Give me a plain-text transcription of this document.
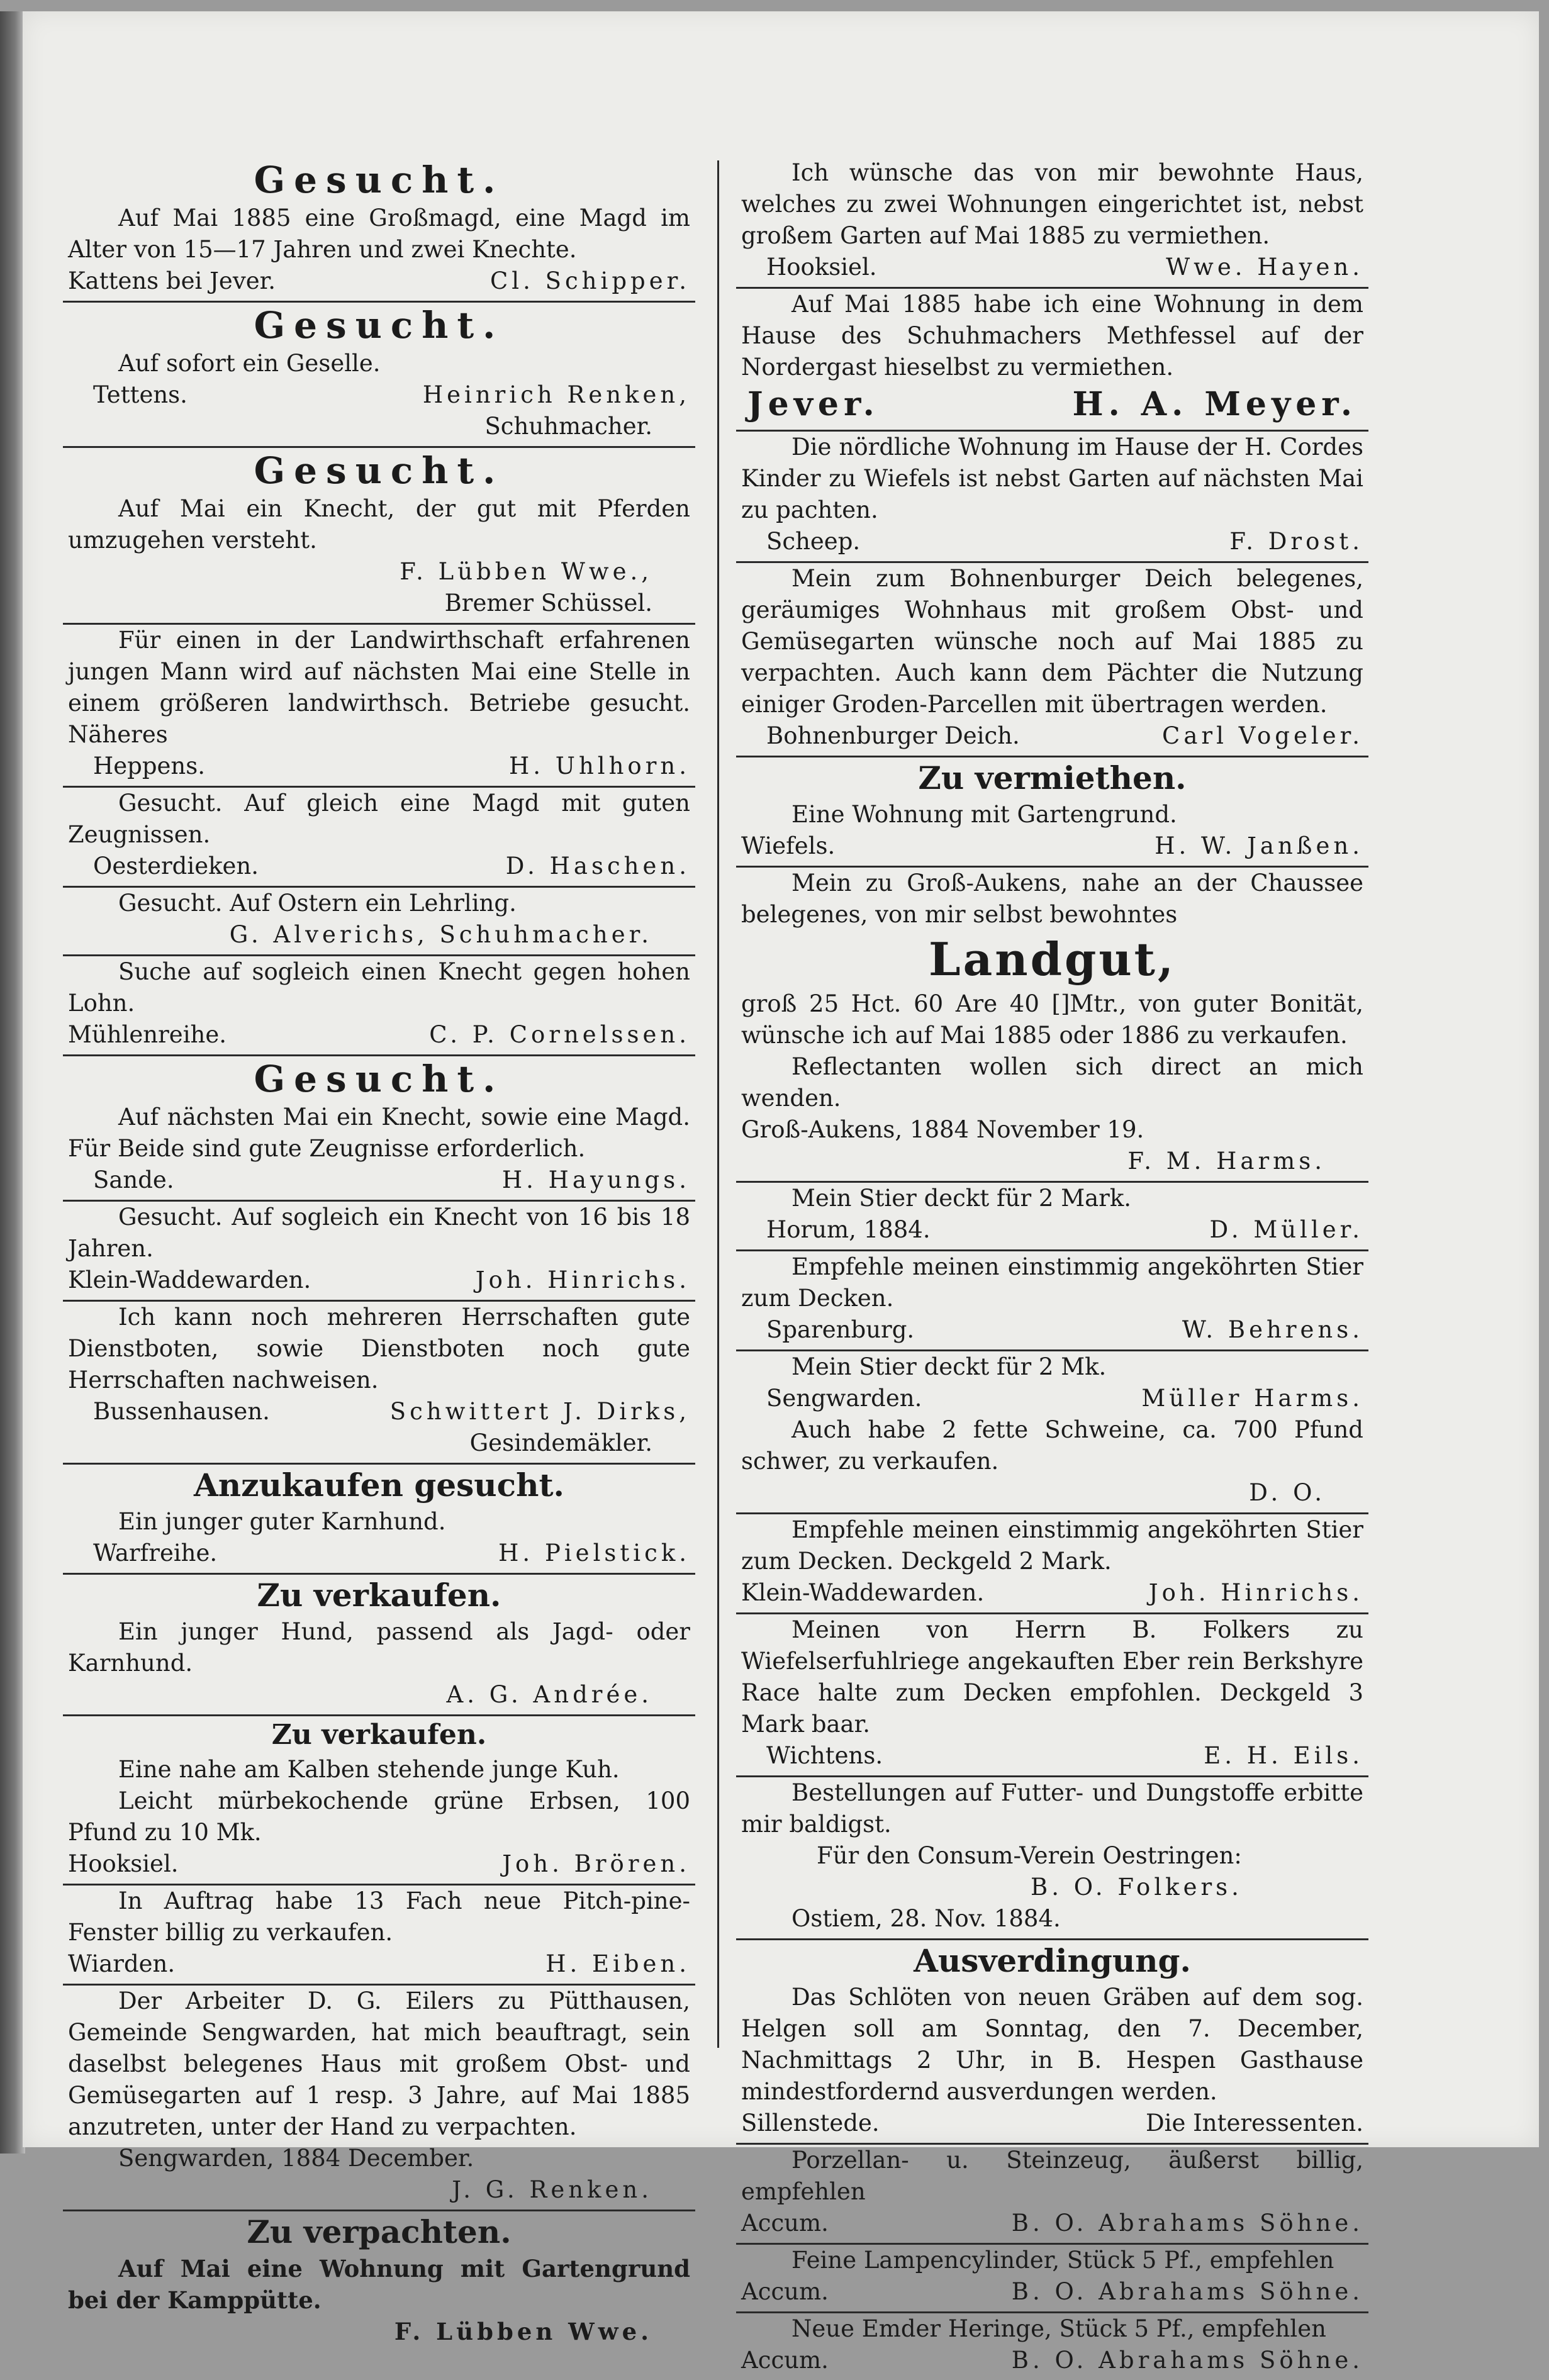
Gesucht.
Auf Mai 1885 eine Großmagd, eine Magd im Alter von 15—17 Jahren und zwei Knechte.
Kattens bei Jever.	Cl. Schipper.
Gesucht.
Auf sofort ein Geselle.
Tettens.	Heinrich Renken,
Schuhmacher.
Gesucht.
Auf Mai ein Knecht, der gut mit Pferden umzugehen versteht.
F. Lübben Wwe.,
Bremer Schüssel.
Für einen in der Landwirthschaft erfahrenen jungen Mann wird auf nächsten Mai eine Stelle in einem größeren landwirthsch. Betriebe gesucht. Näheres
Heppens.	H. Uhlhorn.
Gesucht. Auf gleich eine Magd mit guten Zeugnissen.
Oesterdieken.	D. Haschen.
Gesucht. Auf Ostern ein Lehrling.
G. Alverichs, Schuhmacher.
Suche auf sogleich einen Knecht gegen hohen Lohn.
Mühlenreihe.	C. P. Cornelssen.
Gesucht.
Auf nächsten Mai ein Knecht, sowie eine Magd. Für Beide sind gute Zeugnisse erforderlich.
Sande.	H. Hayungs.
Gesucht. Auf sogleich ein Knecht von 16 bis 18 Jahren.
Klein-Waddewarden.	Joh. Hinrichs.
Ich kann noch mehreren Herrschaften gute Dienstboten, sowie Dienstboten noch gute Herrschaften nachweisen.
Bussenhausen.	Schwittert J. Dirks,
Gesindemäkler.
Anzukaufen gesucht.
Ein junger guter Karnhund.
Warfreihe.	H. Pielstick.
Zu verkaufen.
Ein junger Hund, passend als Jagd- oder Karnhund.
A. G. Andrée.
Zu verkaufen.
Eine nahe am Kalben stehende junge Kuh.
Leicht mürbekochende grüne Erbsen, 100 Pfund zu 10 Mk.
Hooksiel.	Joh. Brören.
In Auftrag habe 13 Fach neue Pitch-pine-Fenster billig zu verkaufen.
Wiarden.	H. Eiben.
Der Arbeiter D. G. Eilers zu Pütthausen, Gemeinde Sengwarden, hat mich beauftragt, sein daselbst belegenes Haus mit großem Obst- und Gemüsegarten auf 1 resp. 3 Jahre, auf Mai 1885 anzutreten, unter der Hand zu verpachten.
Sengwarden, 1884 December.
J. G. Renken.
Zu verpachten.
Auf Mai eine Wohnung mit Gartengrund bei der Kamppütte.
F. Lübben Wwe.
Ich wünsche das von mir bewohnte Haus, welches zu zwei Wohnungen eingerichtet ist, nebst großem Garten auf Mai 1885 zu vermiethen.
Hooksiel.	Wwe. Hayen.
Auf Mai 1885 habe ich eine Wohnung in dem Hause des Schuhmachers Methfessel auf der Nordergast hieselbst zu vermiethen.
Jever.	H. A. Meyer.
Die nördliche Wohnung im Hause der H. Cordes Kinder zu Wiefels ist nebst Garten auf nächsten Mai zu pachten.
Scheep.	F. Drost.
Mein zum Bohnenburger Deich belegenes, geräumiges Wohnhaus mit großem Obst- und Gemüsegarten wünsche noch auf Mai 1885 zu verpachten. Auch kann dem Pächter die Nutzung einiger Groden-Parcellen mit übertragen werden.
Bohnenburger Deich.	Carl Vogeler.
Zu vermiethen.
Eine Wohnung mit Gartengrund.
Wiefels.	H. W. Janßen.
Mein zu Groß-Aukens, nahe an der Chaussee belegenes, von mir selbst bewohntes
Landgut,
groß 25 Hct. 60 Are 40 []Mtr., von guter Bonität, wünsche ich auf Mai 1885 oder 1886 zu verkaufen.
Reflectanten wollen sich direct an mich wenden.
Groß-Aukens, 1884 November 19.
F. M. Harms.
Mein Stier deckt für 2 Mark.
Horum, 1884.	D. Müller.
Empfehle meinen einstimmig angeköhrten Stier zum Decken.
Sparenburg.	W. Behrens.
Mein Stier deckt für 2 Mk.
Sengwarden.	Müller Harms.
Auch habe 2 fette Schweine, ca. 700 Pfund schwer, zu verkaufen.
D. O.
Empfehle meinen einstimmig angeköhrten Stier zum Decken. Deckgeld 2 Mark.
Klein-Waddewarden.	Joh. Hinrichs.
Meinen von Herrn B. Folkers zu Wiefelserfuhlriege angekauften Eber rein Berkshyre Race halte zum Decken empfohlen. Deckgeld 3 Mark baar.
Wichtens.	E. H. Eils.
Bestellungen auf Futter- und Dungstoffe erbitte mir baldigst.
Für den Consum-Verein Oestringen:
B. O. Folkers.
Ostiem, 28. Nov. 1884.
Ausverdingung.
Das Schlöten von neuen Gräben auf dem sog. Helgen soll am Sonntag, den 7. December, Nachmittags 2 Uhr, in B. Hespen Gasthause mindestfordernd ausverdungen werden.
Sillenstede.	Die Interessenten.
Porzellan- u. Steinzeug, äußerst billig, empfehlen
Accum.	B. O. Abrahams Söhne.
Feine Lampencylinder, Stück 5 Pf., empfehlen
Accum.	B. O. Abrahams Söhne.
Neue Emder Heringe, Stück 5 Pf., empfehlen
Accum.	B. O. Abrahams Söhne.
